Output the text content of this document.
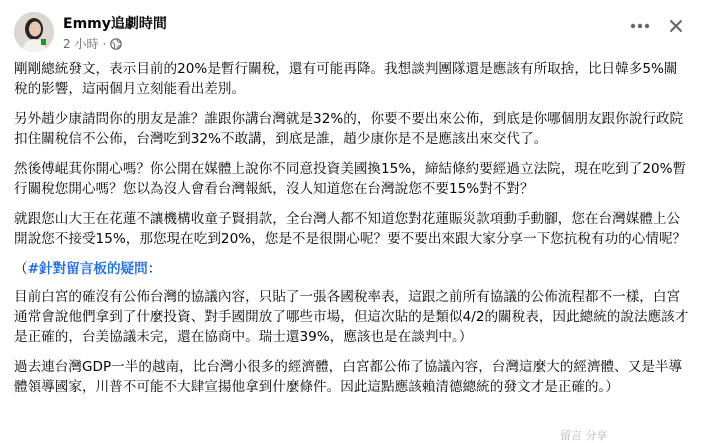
Emmy追劇時間
2 小時 ·

剛剛總統發文，表示目前的20%是暫行關稅，還有可能再降。我想談判團隊還是應該有所取捨，比日韓多5%關稅的影響，這兩個月立刻能看出差別。

另外趙少康請問你的朋友是誰？誰跟你講台灣就是32%的，你要不要出來公佈，到底是你哪個朋友跟你說行政院扣住關稅信不公佈，台灣吃到32%不敢講，到底是誰，趙少康你是不是應該出來交代了。

然後傅崐萁你開心嗎？你公開在媒體上說你不同意投資美國換15%，締結條約要經過立法院，現在吃到了20%暫行關稅您開心嗎？您以為沒人會看台灣報紙，沒人知道您在台灣說您不要15%對不對？

就跟您山大王在花蓮不讓機構收童子賢捐款，全台灣人都不知道您對花蓮賑災款項動手動腳，您在台灣媒體上公開說您不接受15%，那您現在吃到20%，您是不是很開心呢？要不要出來跟大家分享一下您抗稅有功的心情呢？

（#針對留言板的疑問：

目前白宮的確沒有公佈台灣的協議內容，只貼了一張各國稅率表，這跟之前所有協議的公佈流程都不一樣，白宮通常會說他們拿到了什麼投資、對手國開放了哪些市場，但這次貼的是類似4/2的關稅表，因此總統的說法應該才是正確的，台美協議未完，還在協商中。瑞士還39%，應該也是在談判中。）

過去連台灣GDP一半的越南，比台灣小很多的經濟體，白宮都公佈了協議內容，台灣這麼大的經濟體、又是半導體領導國家，川普不可能不大肆宣揚他拿到什麼條件。因此這點應該賴清德總統的發文才是正確的。）

留言 分享
